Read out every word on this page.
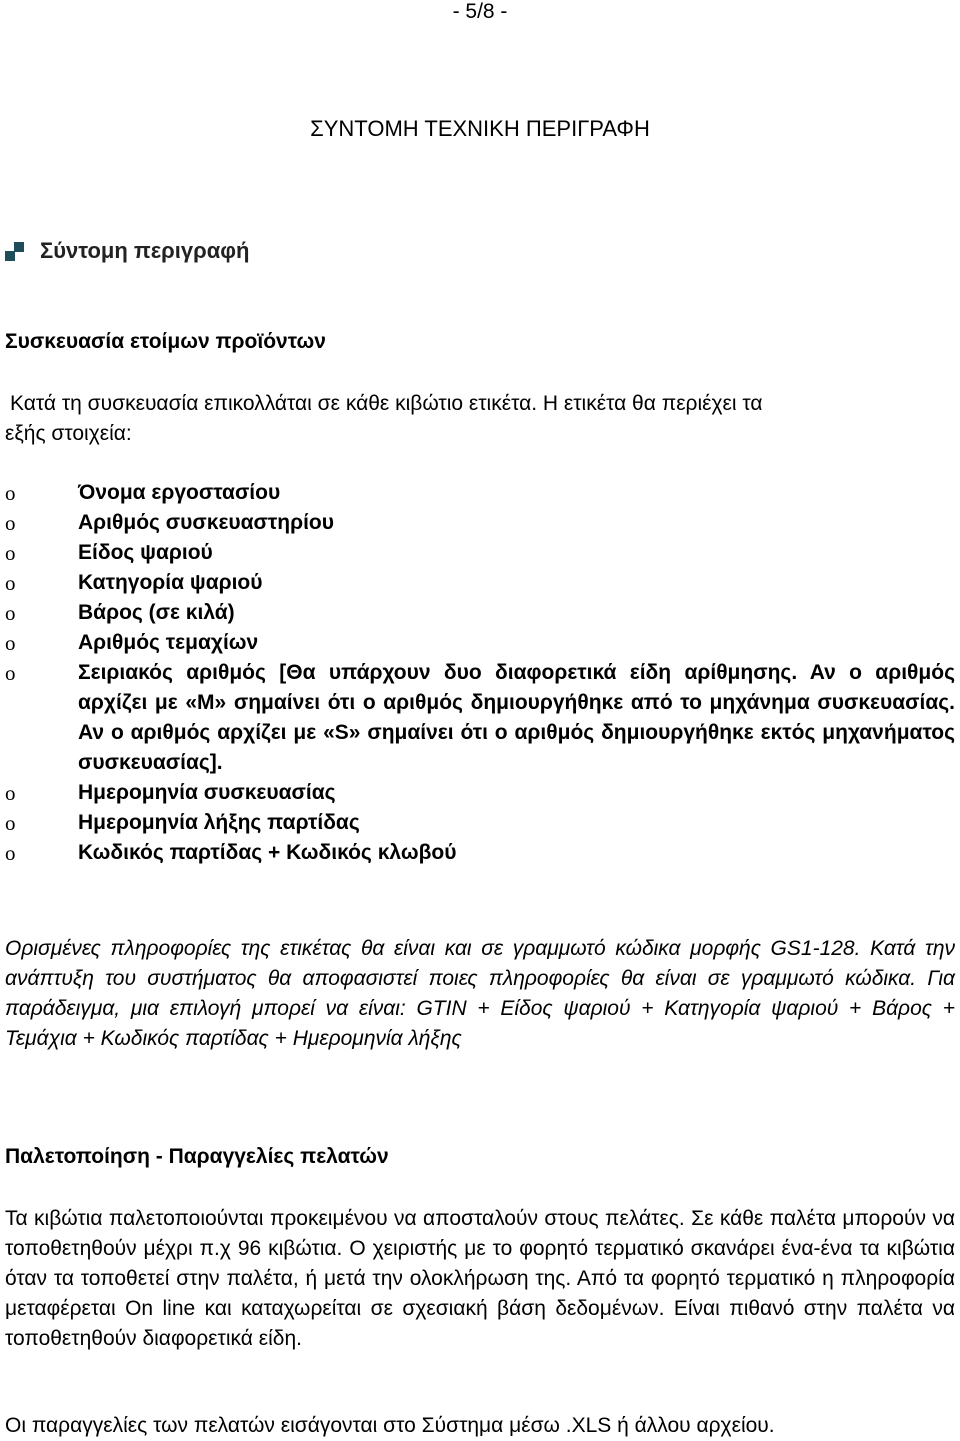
- 5/8 -
ΣΥΝΤΟΜΗ ΤΕΧΝΙΚΗ ΠΕΡΙΓΡΑΦΗ
Σύντομη περιγραφή
Συσκευασία ετοίμων προϊόντων
Κατά τη συσκευασία επικολλάται σε κάθε κιβώτιο ετικέτα. Η ετικέτα θα περιέχει τα
εξής στοιχεία:
ο	Όνομα εργοστασίου
ο	Αριθμός συσκευαστηρίου
ο	Είδος ψαριού
ο	Κατηγορία ψαριού
ο	Βάρος (σε κιλά)
ο	Αριθμός τεμαχίων
ο	Σειριακός αριθμός [Θα υπάρχουν δυο διαφορετικά είδη αρίθμησης. Αν ο αριθμός αρχίζει με «M» σημαίνει ότι ο αριθμός δημιουργήθηκε από το μηχάνημα συσκευασίας. Αν ο αριθμός αρχίζει με «S» σημαίνει ότι ο αριθμός δημιουργήθηκε εκτός μηχανήματος συσκευασίας].
ο	Ημερομηνία συσκευασίας
ο	Ημερομηνία λήξης παρτίδας
ο	Κωδικός παρτίδας + Κωδικός κλωβού
Ορισμένες πληροφορίες της ετικέτας θα είναι και σε γραμμωτό κώδικα μορφής GS1-128. Κατά την ανάπτυξη του συστήματος θα αποφασιστεί ποιες πληροφορίες θα είναι σε γραμμωτό κώδικα. Για παράδειγμα, μια επιλογή μπορεί να είναι: GTIN + Είδος ψαριού + Κατηγορία ψαριού + Βάρος + Τεμάχια + Κωδικός παρτίδας + Ημερομηνία λήξης
Παλετοποίηση - Παραγγελίες πελατών
Τα κιβώτια παλετοποιούνται προκειμένου να αποσταλούν στους πελάτες. Σε κάθε παλέτα μπορούν να τοποθετηθούν μέχρι π.χ 96 κιβώτια. Ο χειριστής με το φορητό τερματικό σκανάρει ένα-ένα τα κιβώτια όταν τα τοποθετεί στην παλέτα, ή μετά την ολοκλήρωση της. Από τα φορητό τερματικό η πληροφορία μεταφέρεται On line και καταχωρείται σε σχεσιακή βάση δεδομένων. Είναι πιθανό στην παλέτα να τοποθετηθούν διαφορετικά είδη.
Οι παραγγελίες των πελατών εισάγονται στο Σύστημα μέσω .XLS ή άλλου αρχείου.
